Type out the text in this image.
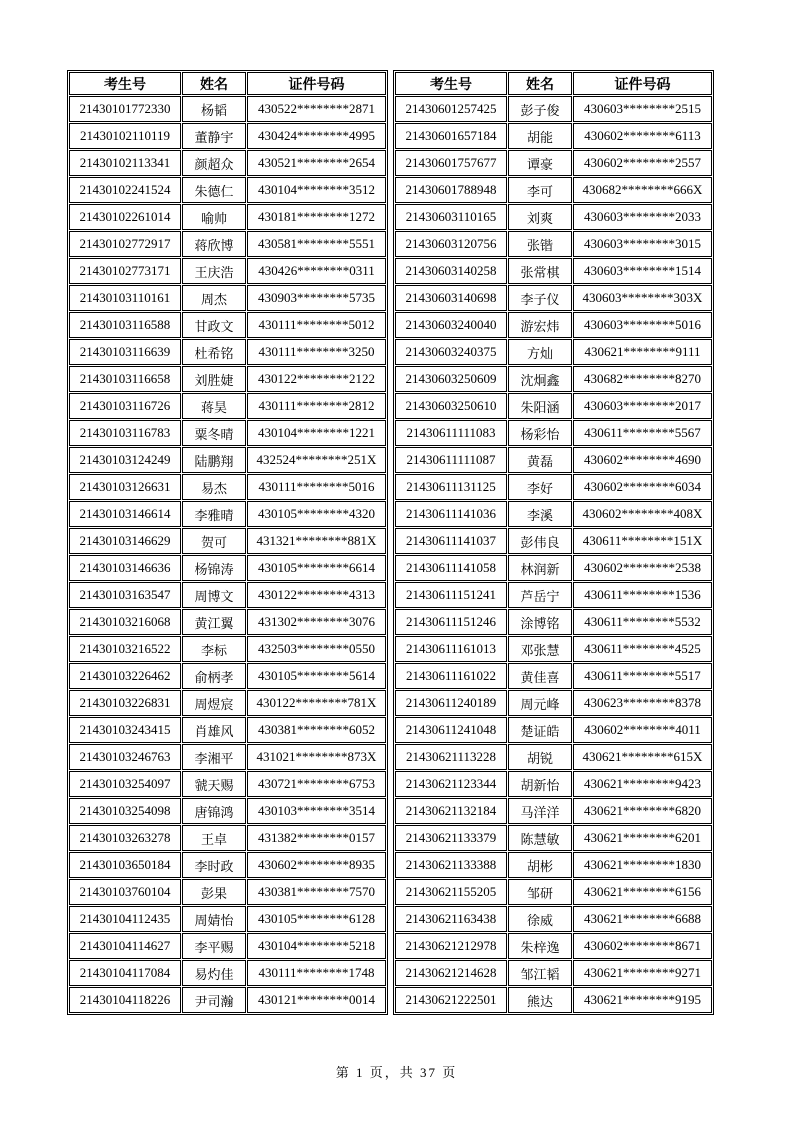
考生号	姓名	证件号码
21430101772330	杨韬	430522********2871
21430102110119	董静宇	430424********4995
21430102113341	颜超众	430521********2654
21430102241524	朱德仁	430104********3512
21430102261014	喻帅	430181********1272
21430102772917	蒋欣博	430581********5551
21430102773171	王庆浩	430426********0311
21430103110161	周杰	430903********5735
21430103116588	甘政文	430111********5012
21430103116639	杜希铭	430111********3250
21430103116658	刘胜婕	430122********2122
21430103116726	蒋昊	430111********2812
21430103116783	粟冬晴	430104********1221
21430103124249	陆鹏翔	432524********251X
21430103126631	易杰	430111********5016
21430103146614	李雅晴	430105********4320
21430103146629	贺可	431321********881X
21430103146636	杨锦涛	430105********6614
21430103163547	周博文	430122********4313
21430103216068	黄江翼	431302********3076
21430103216522	李标	432503********0550
21430103226462	俞柄孝	430105********5614
21430103226831	周煜宸	430122********781X
21430103243415	肖雄风	430381********6052
21430103246763	李湘平	431021********873X
21430103254097	虢天赐	430721********6753
21430103254098	唐锦鸿	430103********3514
21430103263278	王卓	431382********0157
21430103650184	李时政	430602********8935
21430103760104	彭果	430381********7570
21430104112435	周婧怡	430105********6128
21430104114627	李平赐	430104********5218
21430104117084	易灼佳	430111********1748
21430104118226	尹司瀚	430121********0014
考生号	姓名	证件号码
21430601257425	彭子俊	430603********2515
21430601657184	胡能	430602********6113
21430601757677	谭豪	430602********2557
21430601788948	李可	430682********666X
21430603110165	刘爽	430603********2033
21430603120756	张锴	430603********3015
21430603140258	张常棋	430603********1514
21430603140698	李子仪	430603********303X
21430603240040	游宏炜	430603********5016
21430603240375	方灿	430621********9111
21430603250609	沈炯鑫	430682********8270
21430603250610	朱阳涵	430603********2017
21430611111083	杨彩怡	430611********5567
21430611111087	黄磊	430602********4690
21430611131125	李好	430602********6034
21430611141036	李溪	430602********408X
21430611141037	彭伟良	430611********151X
21430611141058	林润新	430602********2538
21430611151241	芦岳宁	430611********1536
21430611151246	涂博铭	430611********5532
21430611161013	邓张慧	430611********4525
21430611161022	黄佳喜	430611********5517
21430611240189	周元峰	430623********8378
21430611241048	楚证皓	430602********4011
21430621113228	胡锐	430621********615X
21430621123344	胡新怡	430621********9423
21430621132184	马洋洋	430621********6820
21430621133379	陈慧敏	430621********6201
21430621133388	胡彬	430621********1830
21430621155205	邹研	430621********6156
21430621163438	徐威	430621********6688
21430621212978	朱梓逸	430602********8671
21430621214628	邹江韬	430621********9271
21430621222501	熊达	430621********9195
第 1 页，共 37 页
